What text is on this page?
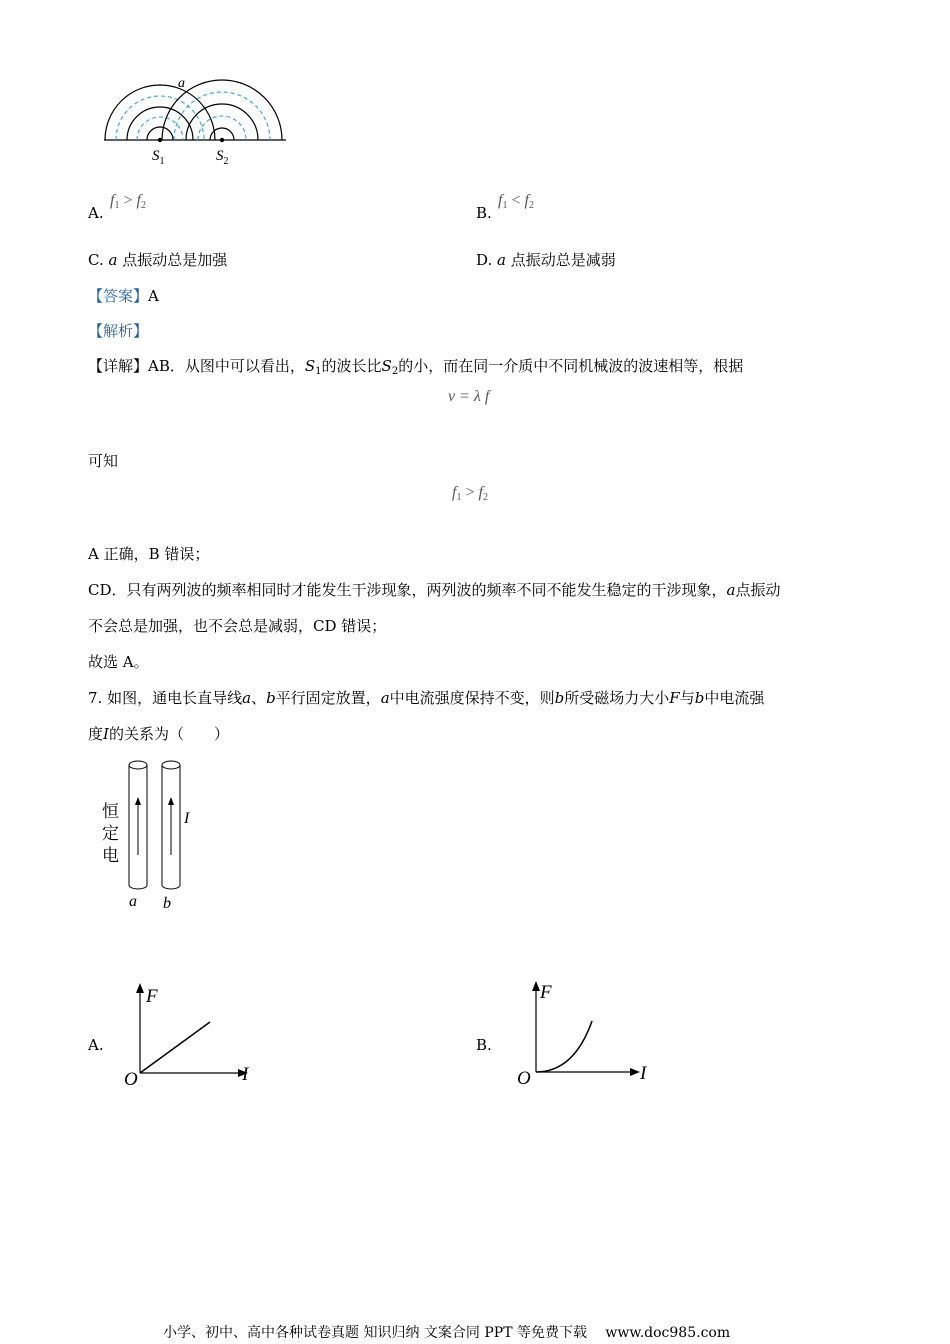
a
$S_1$	$S_2$
A.
$f_1 > f_2$	B.
$f_1 < f_2$
C. a 点振动总是加强	D. a 点振动总是减弱
【答案】A
【解析】
【详解】AB．从图中可以看出，$S_1$的波长比$S_2$的小，而在同一介质中不同机械波的波速相等，根据
v = λ f
可知
$f_1 > f_2$
A 正确，B 错误；
CD．只有两列波的频率相同时才能发生干涉现象，两列波的频率不同不能发生稳定的干涉现象，a点振动
不会总是加强，也不会总是减弱，CD 错误；
故选 A。
7. 如图，通电长直导线a、b平行固定放置，a中电流强度保持不变，则b所受磁场力大小F与b中电流强
度I的关系为（　　）
恒
定
电
I
a b
A.
F
I
O
B.
F
I
O
小学、初中、高中各种试卷真题 知识归纳 文案合同 PPT 等免费下载　 www.doc985.com
